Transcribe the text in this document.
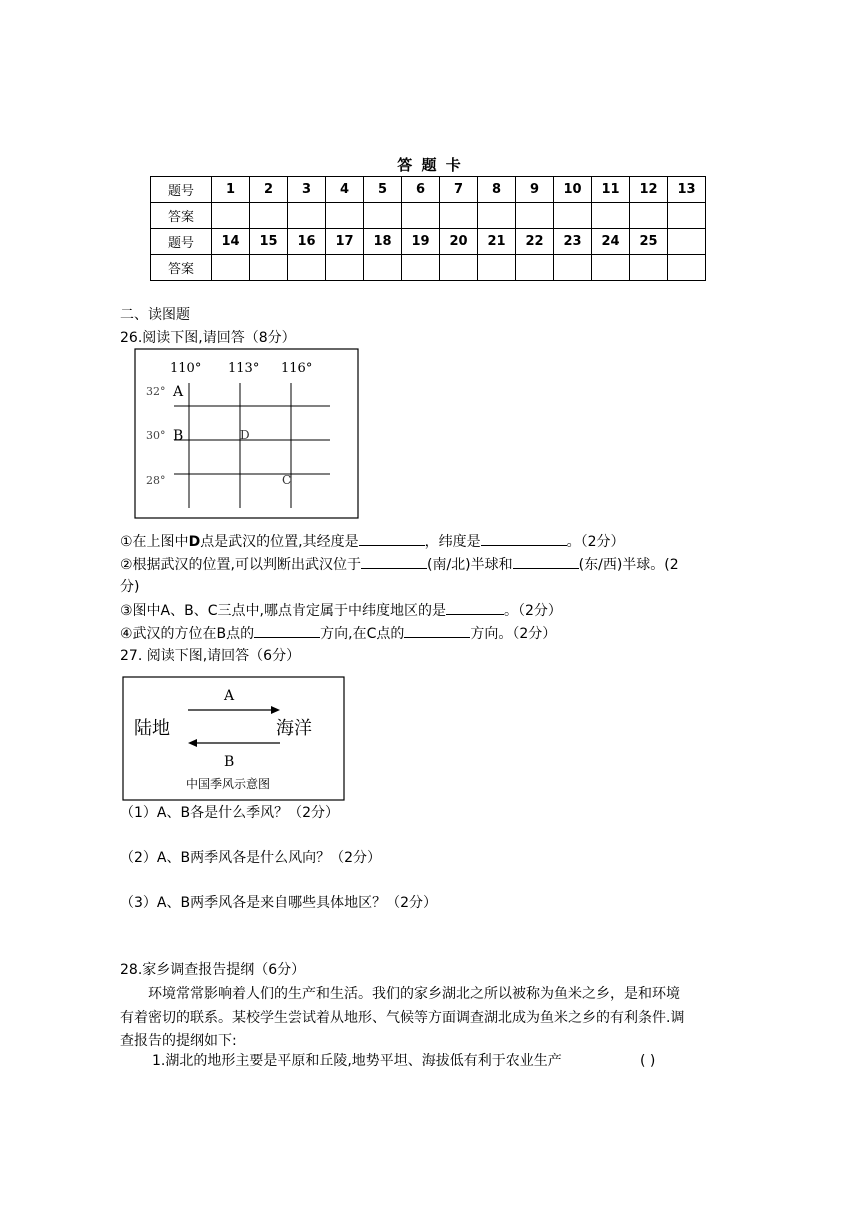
答 题 卡
题号	1	2	3	4	5	6	7	8	9	10	11	12	13
答案													
题号	14	15	16	17	18	19	20	21	22	23	24	25	
答案													
二、读图题
26.阅读下图,请回答（8分）
110° 113° 116°
32°
30°
28°
A
B	D
C
①在上图中D点是武汉的位置,其经度是	，纬度是	。（2分）
②根据武汉的位置,可以判断出武汉位于	(南/北)半球和	(东/西)半球。(2
分)
③图中A、B、C三点中,哪点肯定属于中纬度地区的是	。（2分）
④武汉的方位在B点的	方向,在C点的	方向。（2分）
27. 阅读下图,请回答（6分）
A
陆地	海洋
B
中国季风示意图
（1）A、B各是什么季风？（2分）
（2）A、B两季风各是什么风向？（2分）
（3）A、B两季风各是来自哪些具体地区？（2分）
28.家乡调查报告提纲（6分）
环境常常影响着人们的生产和生活。我们的家乡湖北之所以被称为鱼米之乡，是和环境
有着密切的联系。某校学生尝试着从地形、气候等方面调查湖北成为鱼米之乡的有利条件.调
查报告的提纲如下:
1.湖北的地形主要是平原和丘陵,地势平坦、海拔低有利于农业生产	( )
